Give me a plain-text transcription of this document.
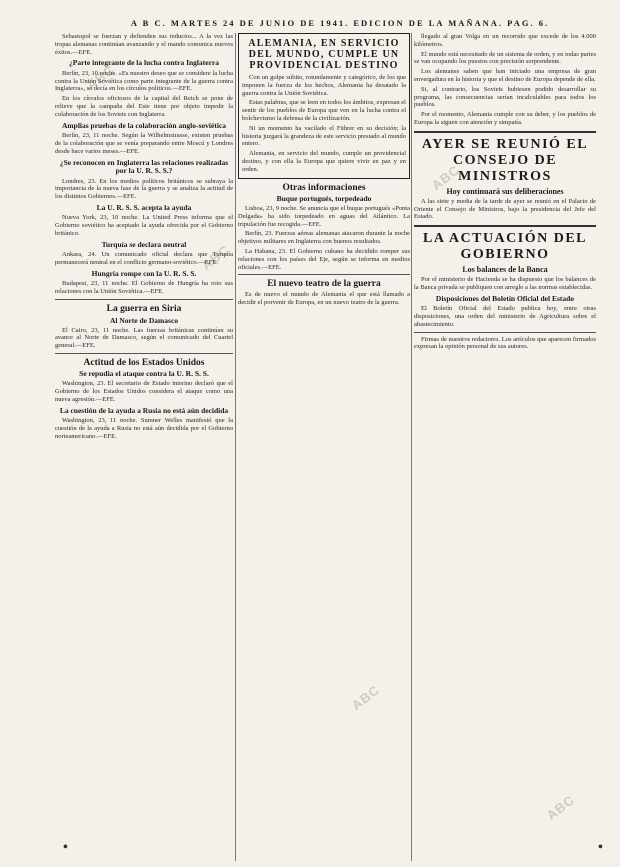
A B C. MARTES 24 DE JUNIO DE 1941. EDICION DE LA MAÑANA. PAG. 6.
ABC
ABC
ABC
ABC
ABC

Sebastopol se fuerzan y defienden sus reductos... A la vez las tropas alemanas continúan avanzando y el mando comunica nuevos éxitos.—EFE.

¿Parte integrante de la lucha contra Inglaterra

Berlín, 23, 10 noche. «Es nuestro deseo que se considere la lucha contra la Unión Soviética como parte integrante de la guerra contra Inglaterra», se decía en los círculos políticos.—EFE.

En los círculos oficiosos de la capital del Reich se pone de relieve que la campaña del Este tiene por objeto impedir la colaboración de los Soviets con Inglaterra.

Amplias pruebas de la colaboración anglo-soviética

Berlín, 23, 11 noche. Según la Wilhelmstrasse, existen pruebas de la colaboración que se venía preparando entre Moscú y Londres desde hace varios meses.—EFE.

¿Se reconocen en Inglaterra las relaciones realizadas por la U. R. S. S.?

Londres, 23. En los medios políticos británicos se subraya la importancia de la nueva fase de la guerra y se analiza la actitud de los distintos Gobiernos.—EFE.

La U. R. S. S. acepta la ayuda

Nueva York, 23, 10 noche. La United Press informa que el Gobierno soviético ha aceptado la ayuda ofrecida por el Gobierno británico.

Turquía se declara neutral

Ankara, 24. Un comunicado oficial declara que Turquía permanecerá neutral en el conflicto germano-soviético.—EFE.

Hungría rompe con la U. R. S. S.

Budapest, 23, 11 noche. El Gobierno de Hungría ha roto sus relaciones con la Unión Soviética.—EFE.

La guerra en Siria
Al Norte de Damasco

El Cairo, 23, 11 noche. Las fuerzas británicas continúan su avance al Norte de Damasco, según el comunicado del Cuartel general.—EFE.

Actitud de los Estados Unidos
Se repudia el ataque contra la U. R. S. S.

Washington, 23. El secretario de Estado interino declaró que el Gobierno de los Estados Unidos considera el ataque como una nueva agresión.—EFE.

La cuestión de la ayuda a Rusia no está aún decidida

Washington, 23, 11 noche. Sumner Welles manifestó que la cuestión de la ayuda a Rusia no está aún decidida por el Gobierno norteamericano.—EFE.

ALEMANIA, EN SERVICIO DEL MUNDO, CUMPLE UN PROVIDENCIAL DESTINO

Con un golpe súbito, rotundamente y categórico, de los que imponen la fuerza de los hechos, Alemania ha desatado la guerra contra la Unión Soviética.

Estas palabras, que se leen en todos los ámbitos, expresan el sentir de los pueblos de Europa que ven en la lucha contra el bolchevismo la defensa de la civilización.

Ni un momento ha vacilado el Führer en su decisión; la historia juzgará la grandeza de este servicio prestado al mundo entero.

Alemania, en servicio del mundo, cumple un providencial destino, y con ella la Europa que quiere vivir en paz y en orden.

Otras informaciones
Buque portugués, torpedeado

Lisboa, 23, 9 noche. Se anuncia que el buque portugués «Ponta Delgada» ha sido torpedeado en aguas del Atlántico. La tripulación fue recogida.—EFE.

Berlín, 23. Fuerzas aéreas alemanas atacaron durante la noche objetivos militares en Inglaterra con buenos resultados.

La Habana, 23. El Gobierno cubano ha decidido romper sus relaciones con los países del Eje, según se informa en medios oficiales.—EFE.

El nuevo teatro de la guerra

Es de nuevo el mundo de Alemania el que está llamado a decidir el porvenir de Europa, en un nuevo teatro de la guerra.

llegado al gran Volga en un recorrido que excede de los 4.000 kilómetros.

El mundo está necesitado de un sistema de orden, y en todas partes se van ocupando los puestos con precisión sorprendente.

Los alemanes saben que han iniciado una empresa de gran envergadura en la historia y que el destino de Europa depende de ella.

Si, al contrario, los Soviets hubiesen podido desarrollar su programa, las consecuencias serían incalculables para todos los pueblos.

Por el momento, Alemania cumple con su deber, y los pueblos de Europa la siguen con atención y simpatía.

AYER SE REUNIÓ EL CONSEJO DE MINISTROS
Hoy continuará sus deliberaciones

A las siete y media de la tarde de ayer se reunió en el Palacio de Oriente el Consejo de Ministros, bajo la presidencia del Jefe del Estado.

LA ACTUACIÓN DEL GOBIERNO
Los balances de la Banca

Por el ministerio de Hacienda se ha dispuesto que los balances de la Banca privada se publiquen con arreglo a las normas establecidas.

Disposiciones del Boletín Oficial del Estado

El Boletín Oficial del Estado publica hoy, entre otras disposiciones, una orden del ministerio de Agricultura sobre el abastecimiento.

Firmas de nuestros redactores. Los artículos que aparecen firmados expresan la opinión personal de sus autores.

•	•
